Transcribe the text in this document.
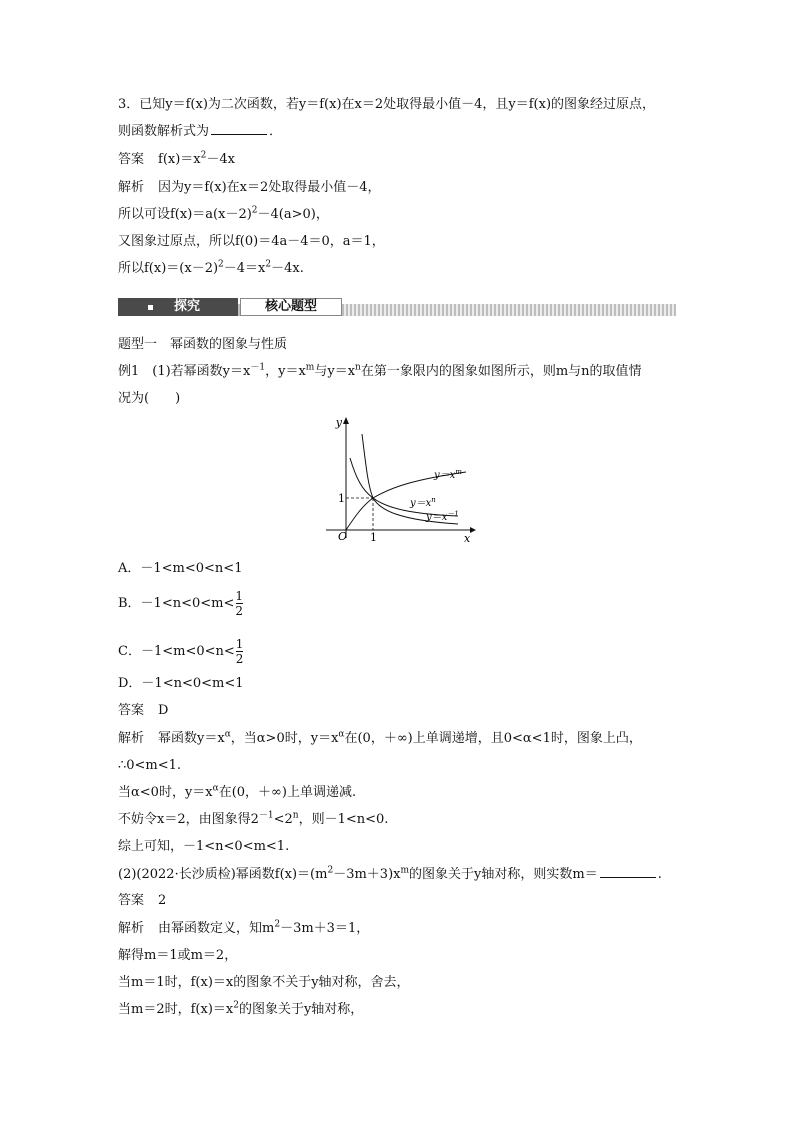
3．已知y＝f(x)为二次函数，若y＝f(x)在x＝2处取得最小值－4，且y＝f(x)的图象经过原点，
则函数解析式为	．
答案 $f(x)=x^2-4x$
解析 因为y＝f(x)在x＝2处取得最小值－4，
所以可设$f(x)=a(x-2)^2-4(a>0)$，
又图象过原点，所以f(0)＝4a－4＝0，a＝1，
所以$f(x)=(x-2)^2-4=x^2-4x$.
探究	核心题型
题型一　幂函数的图象与性质
例1　(1)若幂函数$y=x^{-1}$，$y=x^m$与$y=x^n$在第一象限内的图象如图所示，则m与n的取值情
况为(　　)
y
x
O 1
1
$y=x^m$
$y=x^n$
$y=x^{-1}$
A．－1<m<0<n<1
B．$-1<n<0<m< \frac{1}{2}$
C．$-1<m<0<n< \frac{1}{2}$
D．－1<n<0<m<1
答案 D
解析 幂函数$y=x^\alpha$，当α>0时，$y=x^\alpha$在(0，＋∞)上单调递增，且0<α<1时，图象上凸，
∴0<m<1.
当α<0时，$y=x^\alpha$在(0，＋∞)上单调递减.
不妨令x＝2，由图象得$2^{-1}<2^n$，则－1<n<0.
综上可知，－1<n<0<m<1.
(2)(2022·长沙质检)幂函数$f(x)=(m^2-3m+3)x^m$的图象关于y轴对称，则实数m＝	.
答案 2
解析 由幂函数定义，知$m^2-3m+3=1$，
解得m＝1或m＝2，
当m＝1时，f(x)＝x的图象不关于y轴对称，舍去，
当m＝2时，$f(x)=x^2$的图象关于y轴对称，
